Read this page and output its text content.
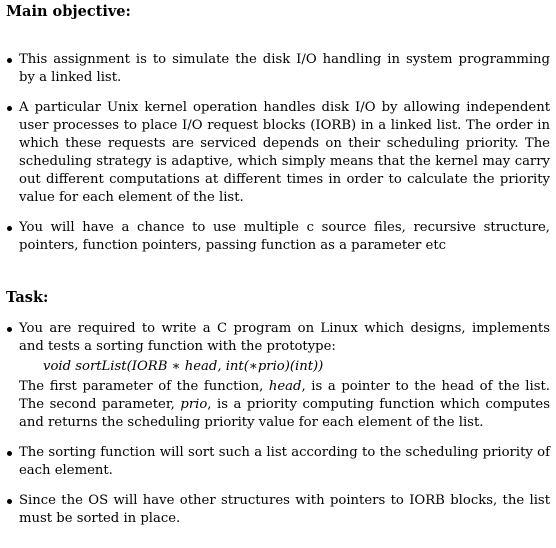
Main objective:
This assignment is to simulate the disk I/O handling in system programming by a linked list.
A particular Unix kernel operation handles disk I/O by allowing independent user processes to place I/O request blocks (IORB) in a linked list. The order in which these requests are serviced depends on their scheduling priority. The scheduling strategy is adaptive, which simply means that the kernel may carry out different computations at different times in order to calculate the priority value for each element of the list.
You will have a chance to use multiple c source files, recursive structure, pointers, function pointers, passing function as a parameter etc
Task:
You are required to write a C program on Linux which designs, implements and tests a sorting function with the prototype:
void sortList(IORB ∗ head, int(∗prio)(int))
The first parameter of the function, head, is a pointer to the head of the list. The second parameter, prio, is a priority computing function which computes and returns the scheduling priority value for each element of the list.
The sorting function will sort such a list according to the scheduling priority of each element.
Since the OS will have other structures with pointers to IORB blocks, the list must be sorted in place.
